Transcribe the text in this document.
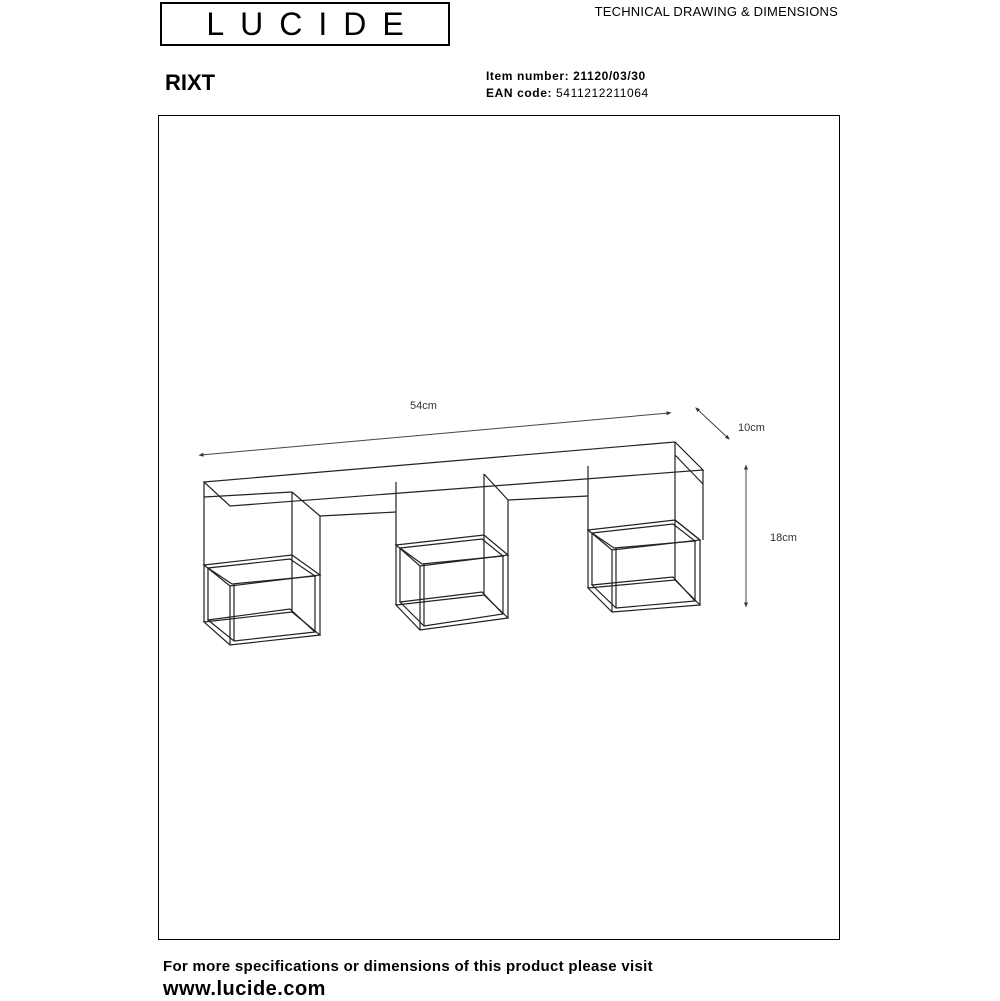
LUCIDE	TECHNICAL DRAWING & DIMENSIONS
RIXT	Item number: 21120/03/30
EAN code: 5411212211064
54cm
10cm
18cm
For more specifications or dimensions of this product please visit
www.lucide.com
